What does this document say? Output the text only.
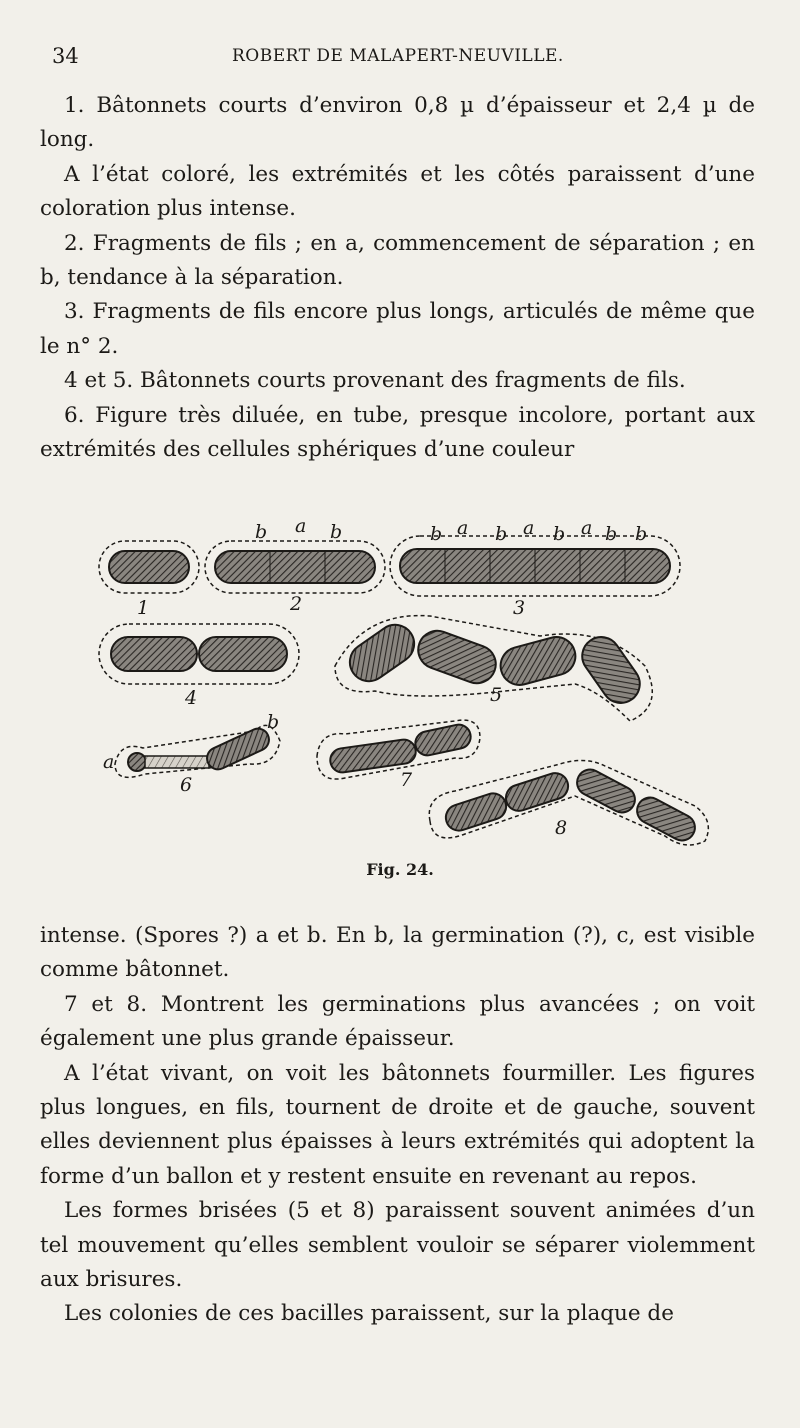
34	ROBERT DE MALAPERT-NEUVILLE.

1. Bâtonnets courts d’environ 0,8 µ d’épaisseur et 2,4 µ de long.

A l’état coloré, les extrémités et les côtés paraissent d’une coloration plus intense.

2. Fragments de fils ; en a, commencement de séparation ; en b, tendance à la séparation.

3. Fragments de fils encore plus longs, articulés de même que le n° 2.

4 et 5. Bâtonnets courts provenant des fragments de fils.

6. Figure très diluée, en tube, presque incolore, portant aux extrémités des cellules sphériques d’une couleur

1	2	3
b a b	b a b a b a b b
4	5
a
b
6	7
8
Fig. 24.

intense. (Spores ?) a et b. En b, la germination (?), c, est visible comme bâtonnet.

7 et 8. Montrent les germinations plus avancées ; on voit également une plus grande épaisseur.

A l’état vivant, on voit les bâtonnets fourmiller. Les figures plus longues, en fils, tournent de droite et de gauche, souvent elles deviennent plus épaisses à leurs extrémités qui adoptent la forme d’un ballon et y restent ensuite en revenant au repos.

Les formes brisées (5 et 8) paraissent souvent animées d’un tel mouvement qu’elles semblent vouloir se séparer violemment aux brisures.

Les colonies de ces bacilles paraissent, sur la plaque de
